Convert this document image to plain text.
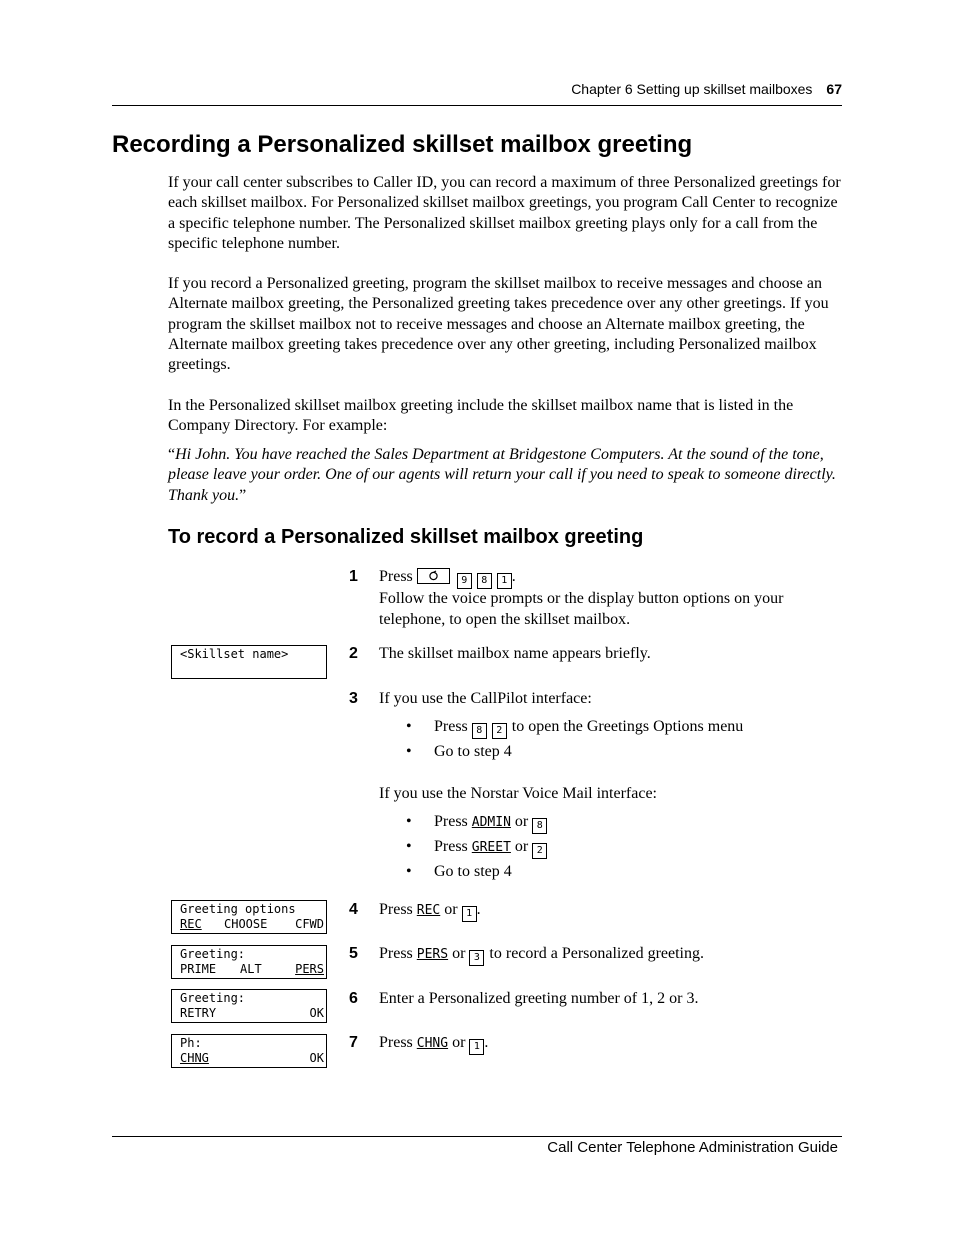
Chapter 6 Setting up skillset mailboxes 67
Recording a Personalized skillset mailbox greeting

If your call center subscribes to Caller ID, you can record a maximum of three Personalized greetings for each skillset mailbox. For Personalized skillset mailbox greetings, you program Call Center to recognize a specific telephone number. The Personalized skillset mailbox greeting plays only for a call from the specific telephone number.

If you record a Personalized greeting, program the skillset mailbox to receive messages and choose an Alternate mailbox greeting, the Personalized greeting takes precedence over any other greetings. If you program the skillset mailbox not to receive messages and choose an Alternate mailbox greeting, the Alternate mailbox greeting takes precedence over any other greeting, including Personalized mailbox greetings.

In the Personalized skillset mailbox greeting include the skillset mailbox name that is listed in the Company Directory. For example:

“Hi John. You have reached the Sales Department at Bridgestone Computers. At the sound of the tone, please leave your order. One of our agents will return your call if you need to speak to someone directly. Thank you.”

To record a Personalized skillset mailbox greeting
1 Press	9 8 1 .
Follow the voice prompts or the display button options on your telephone, to open the skillset mailbox.
<Skillset name>	2 The skillset mailbox name appears briefly.
3 If you use the CallPilot interface:
• Press 8 2 to open the Greetings Options menu
• Go to step 4
If you use the Norstar Voice Mail interface:
• Press ADMIN or 8
• Press GREET or 2
• Go to step 4
Greeting options
REC CHOOSE CFWD
4 Press REC or 1 .
Greeting:
PRIME ALT	PERS
5 Press PERS or 3 to record a Personalized greeting.
Greeting:
RETRY	OK
6 Enter a Personalized greeting number of 1, 2 or 3.
Ph:
CHNG	OK
7 Press CHNG or 1 .
Call Center Telephone Administration Guide
